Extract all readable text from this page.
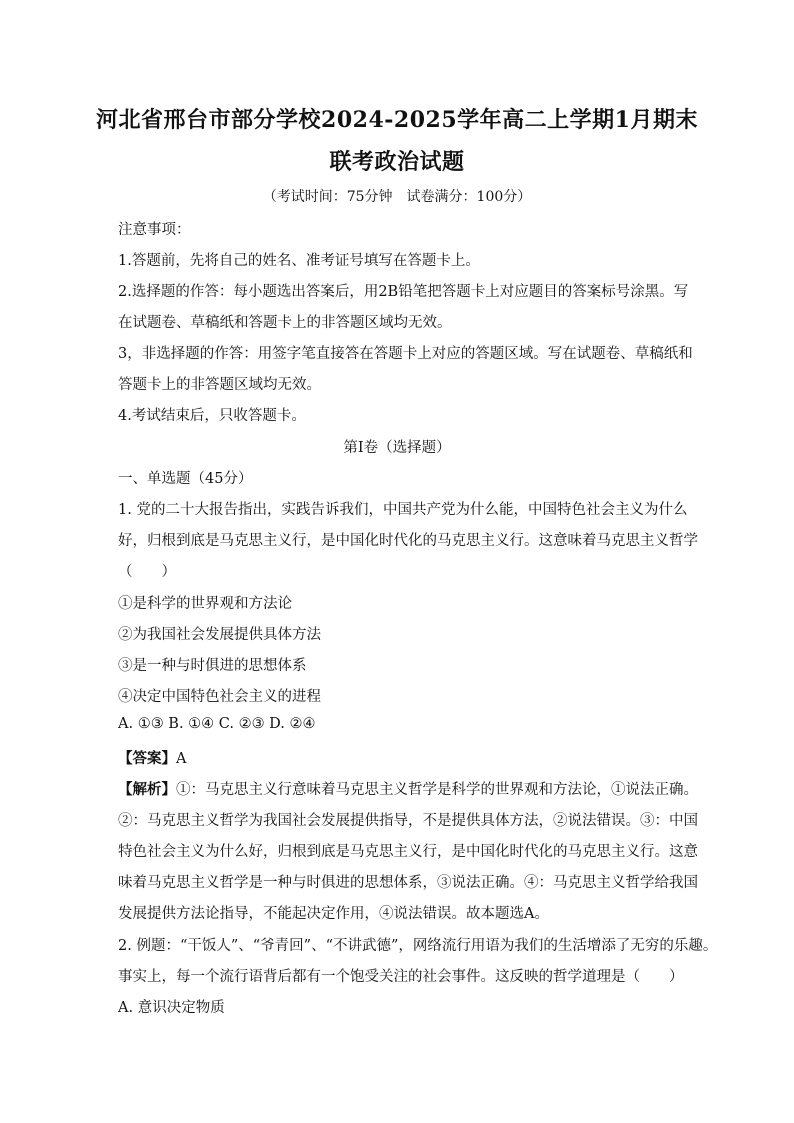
河北省邢台市部分学校2024-2025学年高二上学期1月期末
联考政治试题
（考试时间：75分钟　试卷满分：100分）
注意事项：
1.答题前，先将自己的姓名、准考证号填写在答题卡上。
2.选择题的作答：每小题选出答案后，用2B铅笔把答题卡上对应题目的答案标号涂黑。写
在试题卷、草稿纸和答题卡上的非答题区域均无效。
3，非选择题的作答：用签字笔直接答在答题卡上对应的答题区域。写在试题卷、草稿纸和
答题卡上的非答题区域均无效。
4.考试结束后，只收答题卡。
第Ⅰ卷（选择题）
一、单选题（45分）
1. 党的二十大报告指出，实践告诉我们，中国共产党为什么能，中国特色社会主义为什么
好，归根到底是马克思主义行，是中国化时代化的马克思主义行。这意味着马克思主义哲学
（　　）
①是科学的世界观和方法论
②为我国社会发展提供具体方法
③是一种与时俱进的思想体系
④决定中国特色社会主义的进程
A. ①③ B. ①④ C. ②③ D. ②④
【答案】A
【解析】①：马克思主义行意味着马克思主义哲学是科学的世界观和方法论，①说法正确。
②：马克思主义哲学为我国社会发展提供指导，不是提供具体方法，②说法错误。③：中国
特色社会主义为什么好，归根到底是马克思主义行，是中国化时代化的马克思主义行。这意
味着马克思主义哲学是一种与时俱进的思想体系，③说法正确。④：马克思主义哲学给我国
发展提供方法论指导，不能起决定作用，④说法错误。故本题选A。
2. 例题：“干饭人”、“爷青回”、“不讲武德”，网络流行用语为我们的生活增添了无穷的乐趣。
事实上，每一个流行语背后都有一个饱受关注的社会事件。这反映的哲学道理是（　　）
A. 意识决定物质
